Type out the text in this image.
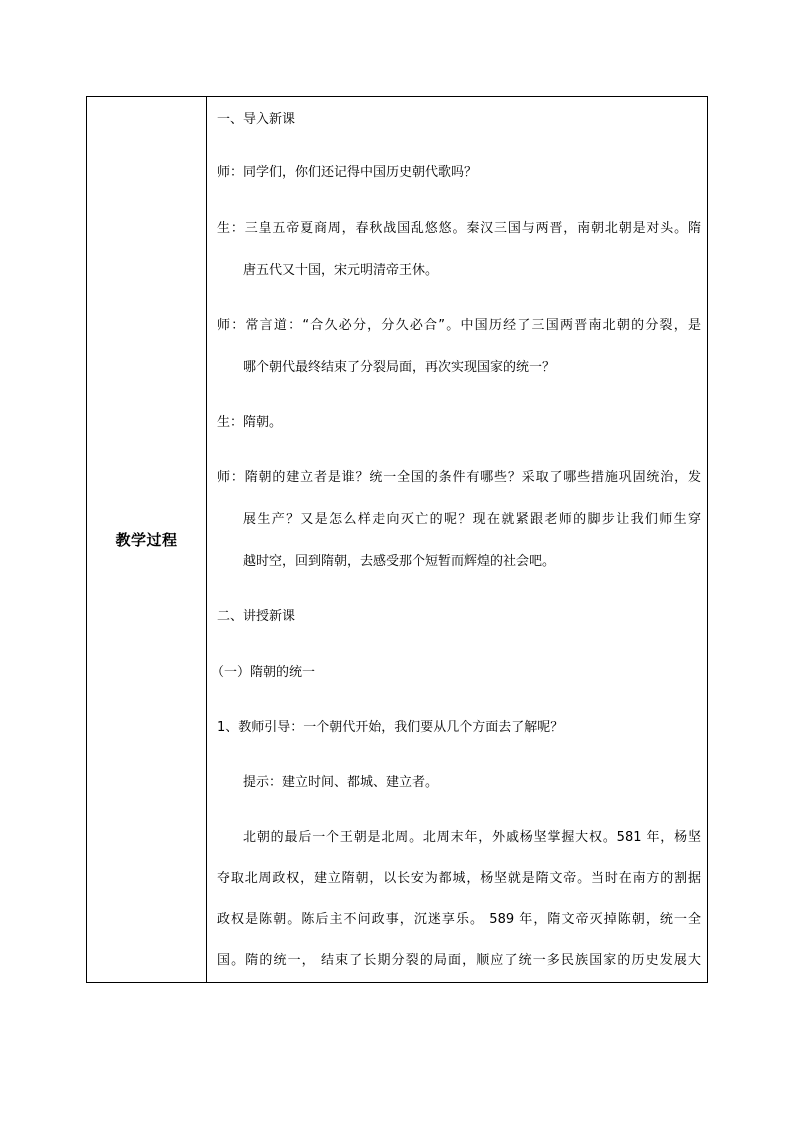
教学过程
一、导入新课
师：同学们，你们还记得中国历史朝代歌吗？
生：三皇五帝夏商周，春秋战国乱悠悠。秦汉三国与两晋，南朝北朝是对头。隋
唐五代又十国，宋元明清帝王休。
师：常言道：“合久必分，分久必合”。中国历经了三国两晋南北朝的分裂，是
哪个朝代最终结束了分裂局面，再次实现国家的统一？
生：隋朝。
师：隋朝的建立者是谁？统一全国的条件有哪些？采取了哪些措施巩固统治，发
展生产？又是怎么样走向灭亡的呢？现在就紧跟老师的脚步让我们师生穿
越时空，回到隋朝，去感受那个短暂而辉煌的社会吧。
二、讲授新课
（一）隋朝的统一
1、教师引导：一个朝代开始，我们要从几个方面去了解呢？
提示：建立时间、都城、建立者。
北朝的最后一个王朝是北周。北周末年，外戚杨坚掌握大权。581 年，杨坚
夺取北周政权，建立隋朝，以长安为都城，杨坚就是隋文帝。当时在南方的割据
政权是陈朝。陈后主不问政事，沉迷享乐。 589 年，隋文帝灭掉陈朝，统一全
国。隋的统一， 结束了长期分裂的局面，顺应了统一多民族国家的历史发展大
